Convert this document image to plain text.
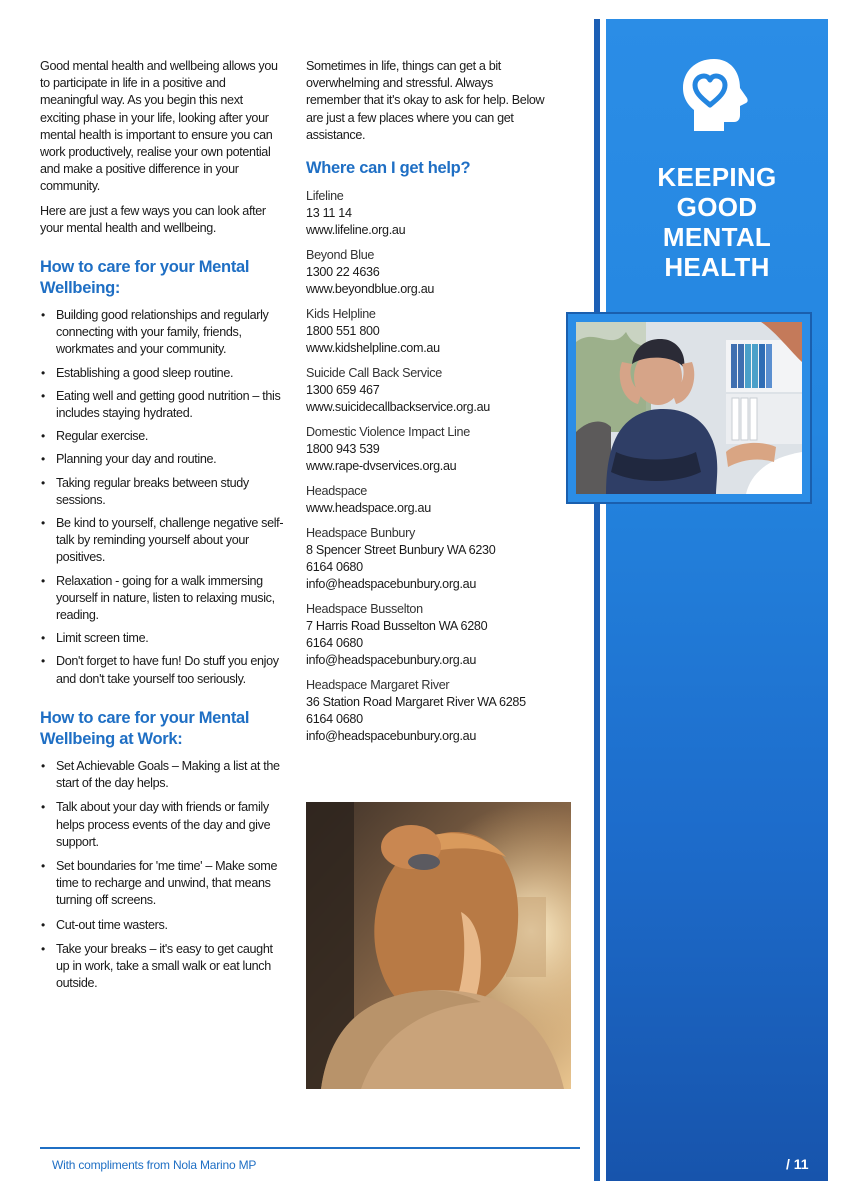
Good mental health and wellbeing allows you to participate in life in a positive and meaningful way. As you begin this next exciting phase in your life, looking after your mental health is important to ensure you can work productively, realise your own potential and make a positive difference in your community.

Here are just a few ways you can look after your mental health and wellbeing.

How to care for your Mental Wellbeing:
• Building good relationships and regularly connecting with your family, friends, workmates and your community.
• Establishing a good sleep routine.
• Eating well and getting good nutrition – this includes staying hydrated.
• Regular exercise.
• Planning your day and routine.
• Taking regular breaks between study sessions.
• Be kind to yourself, challenge negative self-talk by reminding yourself about your positives.
• Relaxation - going for a walk immersing yourself in nature, listen to relaxing music, reading.
• Limit screen time.
• Don't forget to have fun! Do stuff you enjoy and don't take yourself too seriously.
How to care for your Mental Wellbeing at Work:
• Set Achievable Goals – Making a list at the start of the day helps.
• Talk about your day with friends or family helps process events of the day and give support.
• Set boundaries for 'me time' – Make some time to recharge and unwind, that means turning off screens.
• Cut-out time wasters.
• Take your breaks – it's easy to get caught up in work, take a small walk or eat lunch outside.

Sometimes in life, things can get a bit overwhelming and stressful. Always remember that it's okay to ask for help. Below are just a few places where you can get assistance.

Where can I get help?
Lifeline
13 11 14
www.lifeline.org.au
Beyond Blue
1300 22 4636
www.beyondblue.org.au
Kids Helpline
1800 551 800
www.kidshelpline.com.au
Suicide Call Back Service
1300 659 467
www.suicidecallbackservice.org.au
Domestic Violence Impact Line
1800 943 539
www.rape-dvservices.org.au
Headspace
www.headspace.org.au
Headspace Bunbury
8 Spencer Street Bunbury WA 6230
6164 0680
info@headspacebunbury.org.au
Headspace Busselton
7 Harris Road Busselton WA 6280
6164 0680
info@headspacebunbury.org.au
Headspace Margaret River
36 Station Road Margaret River WA 6285
6164 0680
info@headspacebunbury.org.au
With compliments from Nola Marino MP
KEEPING
GOOD
MENTAL
HEALTH
/ 11
